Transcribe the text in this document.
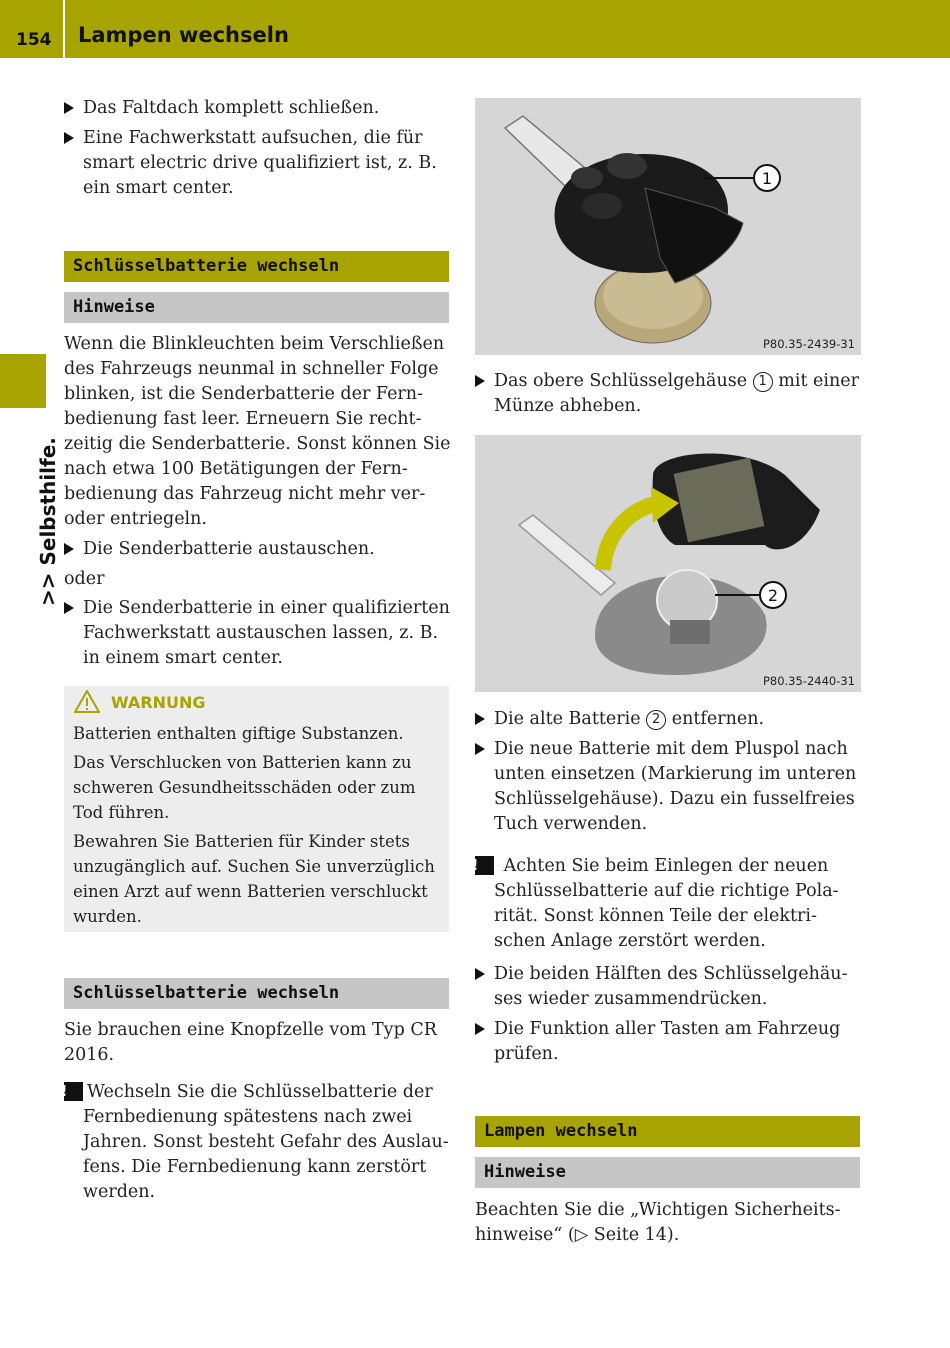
154 Lampen wechseln
>> Selbsthilfe.

Das Faltdach komplett schließen.

Eine Fachwerkstatt aufsuchen, die für smart electric drive qualifiziert ist, z. B. ein smart center.

Schlüsselbatterie wechseln
Hinweise

Wenn die Blinkleuchten beim Verschließen des Fahrzeugs neunmal in schneller Folge blinken, ist die Senderbatterie der Fernbedienung fast leer. Erneuern Sie rechtzeitig die Senderbatterie. Sonst können Sie nach etwa 100 Betätigungen der Fernbedienung das Fahrzeug nicht mehr veroder entriegeln.

Die Senderbatterie austauschen.

oder

Die Senderbatterie in einer qualifizierten Fachwerkstatt austauschen lassen, z. B. in einem smart center.

WARNUNG

Batterien enthalten giftige Substanzen.

Das Verschlucken von Batterien kann zu schweren Gesundheitsschäden oder zum Tod führen.

Bewahren Sie Batterien für Kinder stets unzugänglich auf. Suchen Sie unverzüglich einen Arzt auf wenn Batterien verschluckt wurden.

Schlüsselbatterie wechseln

Sie brauchen eine Knopfzelle vom Typ CR 2016.

! Wechseln Sie die Schlüsselbatterie der Fernbedienung spätestens nach zwei Jahren. Sonst besteht Gefahr des Auslaufens. Die Fernbedienung kann zerstört werden.

1
P80.35-2439-31

Das obere Schlüsselgehäuse 1 mit einer Münze abheben.

2
P80.35-2440-31

Die alte Batterie 2 entfernen.

Die neue Batterie mit dem Pluspol nach unten einsetzen (Markierung im unteren Schlüsselgehäuse). Dazu ein fusselfreies Tuch verwenden.

! Achten Sie beim Einlegen der neuen Schlüsselbatterie auf die richtige Polarität. Sonst können Teile der elektrischen Anlage zerstört werden.

Die beiden Hälften des Schlüsselgehäuses wieder zusammendrücken.

Die Funktion aller Tasten am Fahrzeug prüfen.

Lampen wechseln
Hinweise

Beachten Sie die „Wichtigen Sicherheitshinweise“ (▷ Seite 14).
